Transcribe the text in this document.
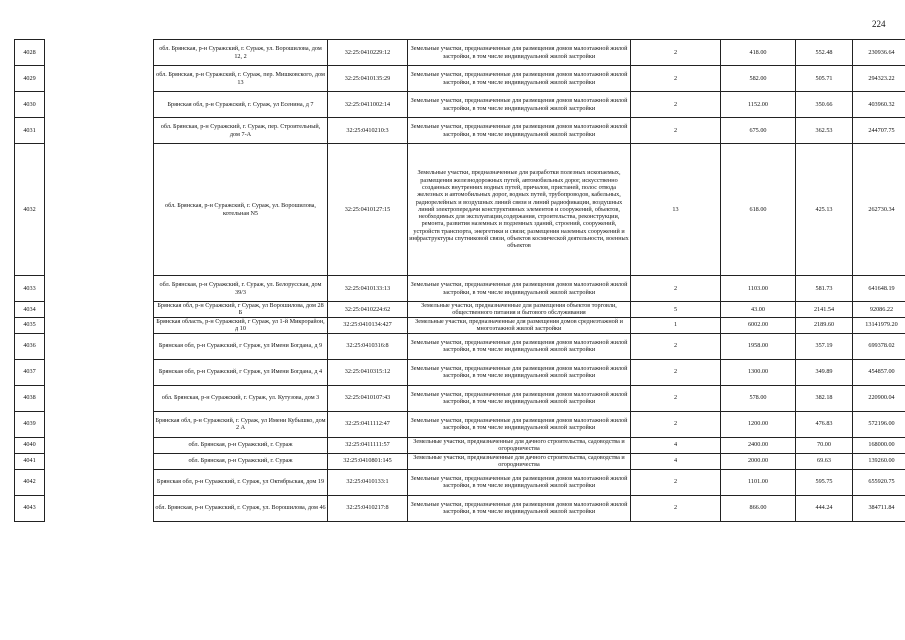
224
4028		обл. Брянская, р-н Суражский, г. Сураж, ул. Ворошилова, дом 12, 2	32:25:0410229:12	Земельные участки, предназначенные для размещения домов малоэтажной жилой застройки, в том числе индивидуальной жилой застройки	2	418.00	552.48	230936.64
4029		обл. Брянская, р-н Суражский, г. Сураж, пер. Мишковского, дом 13	32:25:0410135:29	Земельные участки, предназначенные для размещения домов малоэтажной жилой застройки, в том числе индивидуальной жилой застройки	2	582.00	505.71	294323.22
4030		Брянская обл, р-н Суражский, г. Сураж, ул Есенина, д 7	32:25:0411002:14	Земельные участки, предназначенные для размещения домов малоэтажной жилой застройки, в том числе индивидуальной жилой застройки	2	1152.00	350.66	403960.32
4031		обл. Брянская, р-н Суражский, г. Сураж, пер. Строительный, дом 7-А	32:25:0410210:3	Земельные участки, предназначенные для размещения домов малоэтажной жилой застройки, в том числе индивидуальной жилой застройки	2	675.00	362.53	244707.75
4032		обл. Брянская, р-н Суражский, г. Сураж, ул. Ворошилова, котельная N5	32:25:0410127:15	Земельные участки, предназначенные для разработки полезных ископаемых, размещения железнодорожных путей, автомобильных дорог, искусственно созданных внутренних водных путей, причалов, пристаней, полос отвода железных и автомобильных дорог, водных путей, трубопроводов, кабельных, радиорелейных и воздушных линий связи и линий радиофикации, воздушных линий электропередачи конструктивных элементов и сооружений, объектов, необходимых для эксплуатации,содержания, строительства, реконструкции, ремонта, развития наземных и подземных зданий, строений, сооружений, устройств транспорта, энергетики и связи; размещения наземных сооружений и инфраструктуры спутниковой связи, объектов космической деятельности, военных объектов	13	618.00	425.13	262730.34
4033		обл. Брянская, р-н Суражский, г. Сураж, ул. Белорусская, дом 39/3	32:25:0410133:13	Земельные участки, предназначенные для размещения домов малоэтажной жилой застройки, в том числе индивидуальной жилой застройки	2	1103.00	581.73	641648.19
4034		Брянская обл, р-н Суражский, г Сураж, ул Ворошилова, дом 28 Б	32:25:0410224:62	Земельные участки, предназначенные для размещения объектов торговли, общественного питания и бытового обслуживания	5	43.00	2141.54	92086.22
4035		Брянская область, р-н Суражский, г Сураж, ул 1-й Микрорайон, д 10	32:25:0410134:427	Земельные участки, предназначенные для размещения домов среднеэтажной и многоэтажной жилой застройки	1	6002.00	2189.60	13141979.20
4036		Брянская обл, р-н Суражский, г Сураж, ул Имени Богдана, д 9	32:25:0410316:8	Земельные участки, предназначенные для размещения домов малоэтажной жилой застройки, в том числе индивидуальной жилой застройки	2	1958.00	357.19	699378.02
4037		Брянская обл, р-н Суражский, г Сураж, ул Имени Богдана, д 4	32:25:0410315:12	Земельные участки, предназначенные для размещения домов малоэтажной жилой застройки, в том числе индивидуальной жилой застройки	2	1300.00	349.89	454857.00
4038		обл. Брянская, р-н Суражский, г. Сураж, ул. Кутузова, дом 3	32:25:0410107:43	Земельные участки, предназначенные для размещения домов малоэтажной жилой застройки, в том числе индивидуальной жилой застройки	2	578.00	382.18	220900.04
4039		Брянская обл, р-н Суражский, г. Сураж, ул Имени Кубышко, дом 2 А	32:25:0411112:47	Земельные участки, предназначенные для размещения домов малоэтажной жилой застройки, в том числе индивидуальной жилой застройки	2	1200.00	476.83	572196.00
4040		обл. Брянская, р-н Суражский, г. Сураж	32:25:0411111:57	Земельные участки, предназначенные для дачного строительства, садоводства и огородничества	4	2400.00	70.00	168000.00
4041		обл. Брянская, р-н Суражский, г. Сураж	32:25:0410801:145	Земельные участки, предназначенные для дачного строительства, садоводства и огородничества	4	2000.00	69.63	139260.00
4042		Брянская обл, р-н Суражский, г. Сураж, ул Октябрьская, дом 19	32:25:0410133:1	Земельные участки, предназначенные для размещения домов малоэтажной жилой застройки, в том числе индивидуальной жилой застройки	2	1101.00	595.75	655920.75
4043		обл. Брянская, р-н Суражский, г. Сураж, ул. Ворошилова, дом 46	32:25:0410217:8	Земельные участки, предназначенные для размещения домов малоэтажной жилой застройки, в том числе индивидуальной жилой застройки	2	866.00	444.24	384711.84
